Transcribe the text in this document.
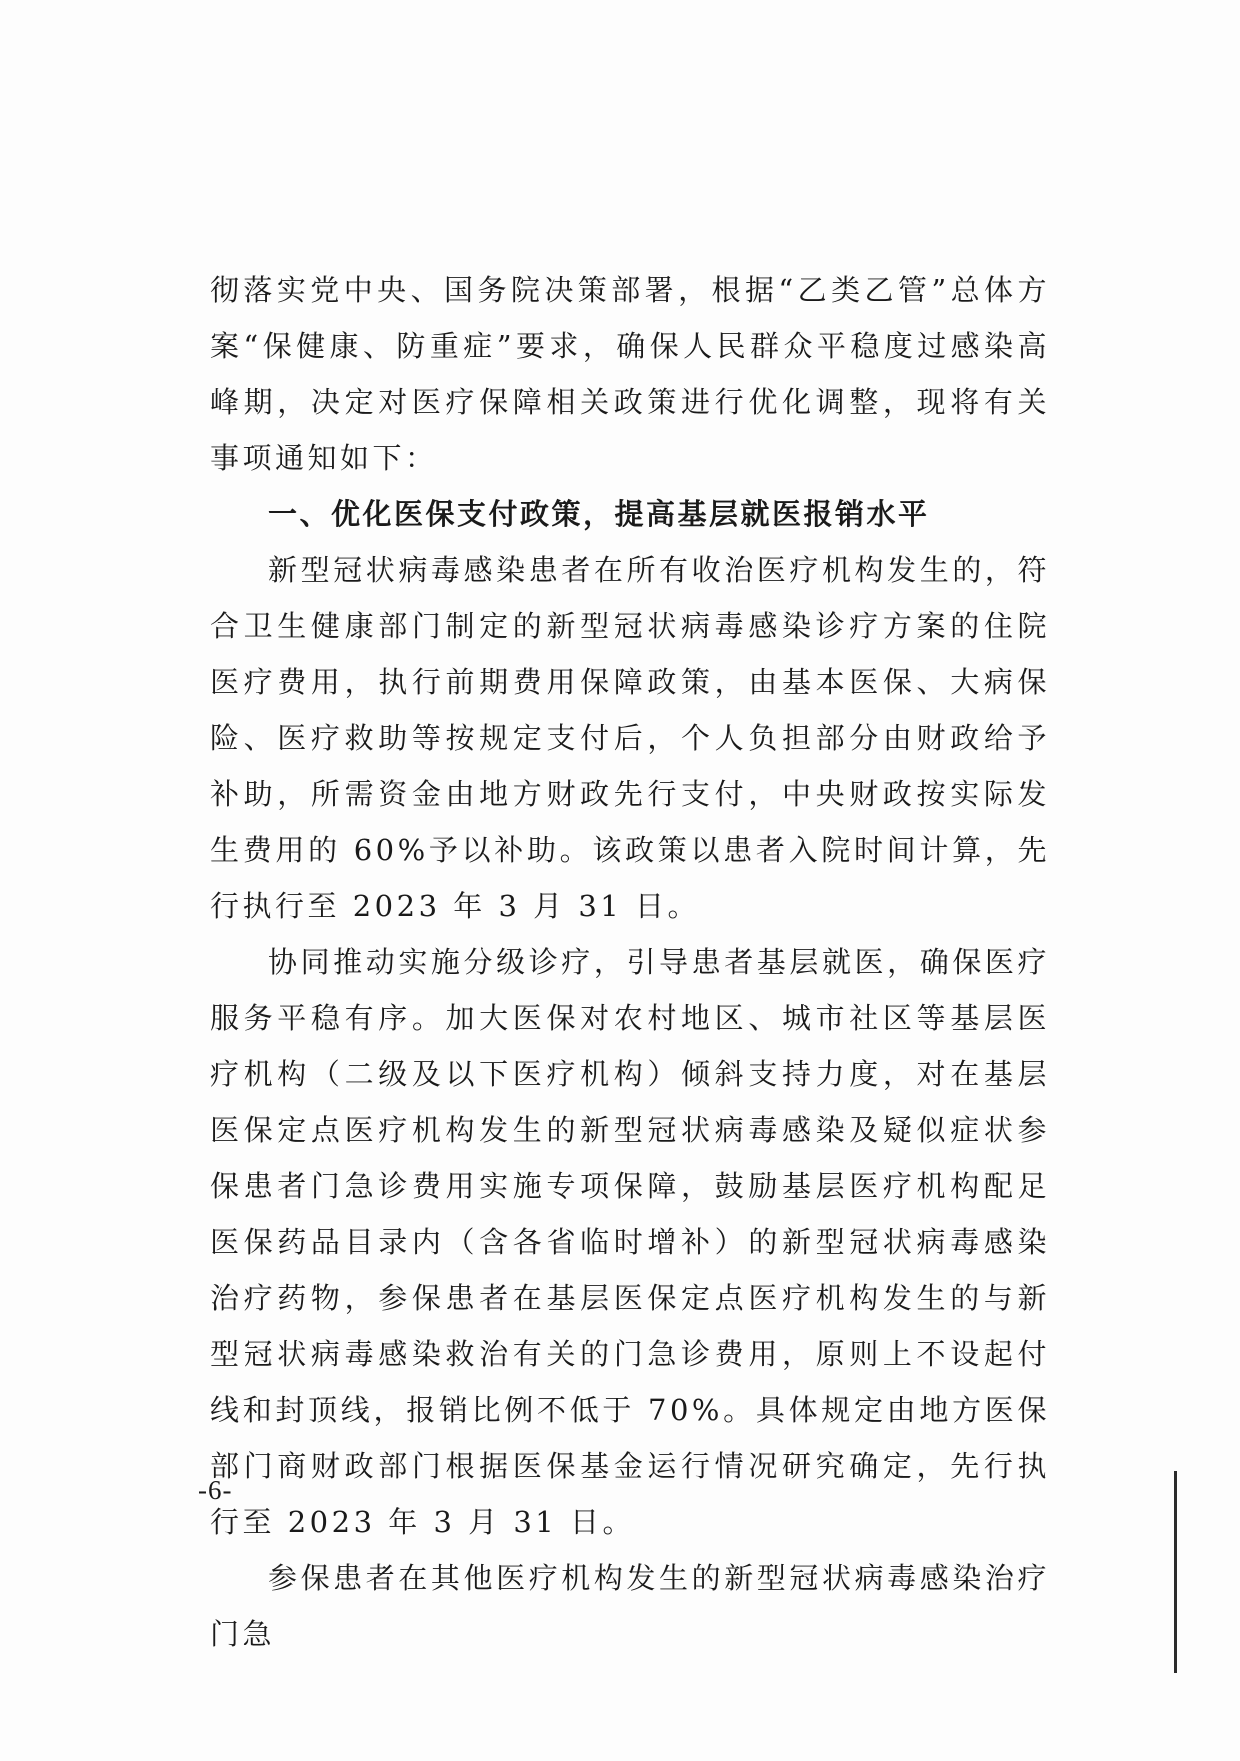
彻落实党中央、国务院决策部署，根据“乙类乙管”总体方案“保健康、防重症”要求，确保人民群众平稳度过感染高峰期，决定对医疗保障相关政策进行优化调整，现将有关事项通知如下：

一、优化医保支付政策，提高基层就医报销水平

新型冠状病毒感染患者在所有收治医疗机构发生的，符合卫生健康部门制定的新型冠状病毒感染诊疗方案的住院医疗费用，执行前期费用保障政策，由基本医保、大病保险、医疗救助等按规定支付后，个人负担部分由财政给予补助，所需资金由地方财政先行支付，中央财政按实际发生费用的 60%予以补助。该政策以患者入院时间计算，先行执行至 2023 年 3 月 31 日。

协同推动实施分级诊疗，引导患者基层就医，确保医疗服务平稳有序。加大医保对农村地区、城市社区等基层医疗机构（二级及以下医疗机构）倾斜支持力度，对在基层医保定点医疗机构发生的新型冠状病毒感染及疑似症状参保患者门急诊费用实施专项保障，鼓励基层医疗机构配足医保药品目录内（含各省临时增补）的新型冠状病毒感染治疗药物，参保患者在基层医保定点医疗机构发生的与新型冠状病毒感染救治有关的门急诊费用，原则上不设起付线和封顶线，报销比例不低于 70%。具体规定由地方医保部门商财政部门根据医保基金运行情况研究确定，先行执行至 2023 年 3 月 31 日。

参保患者在其他医疗机构发生的新型冠状病毒感染治疗门急

-6-
